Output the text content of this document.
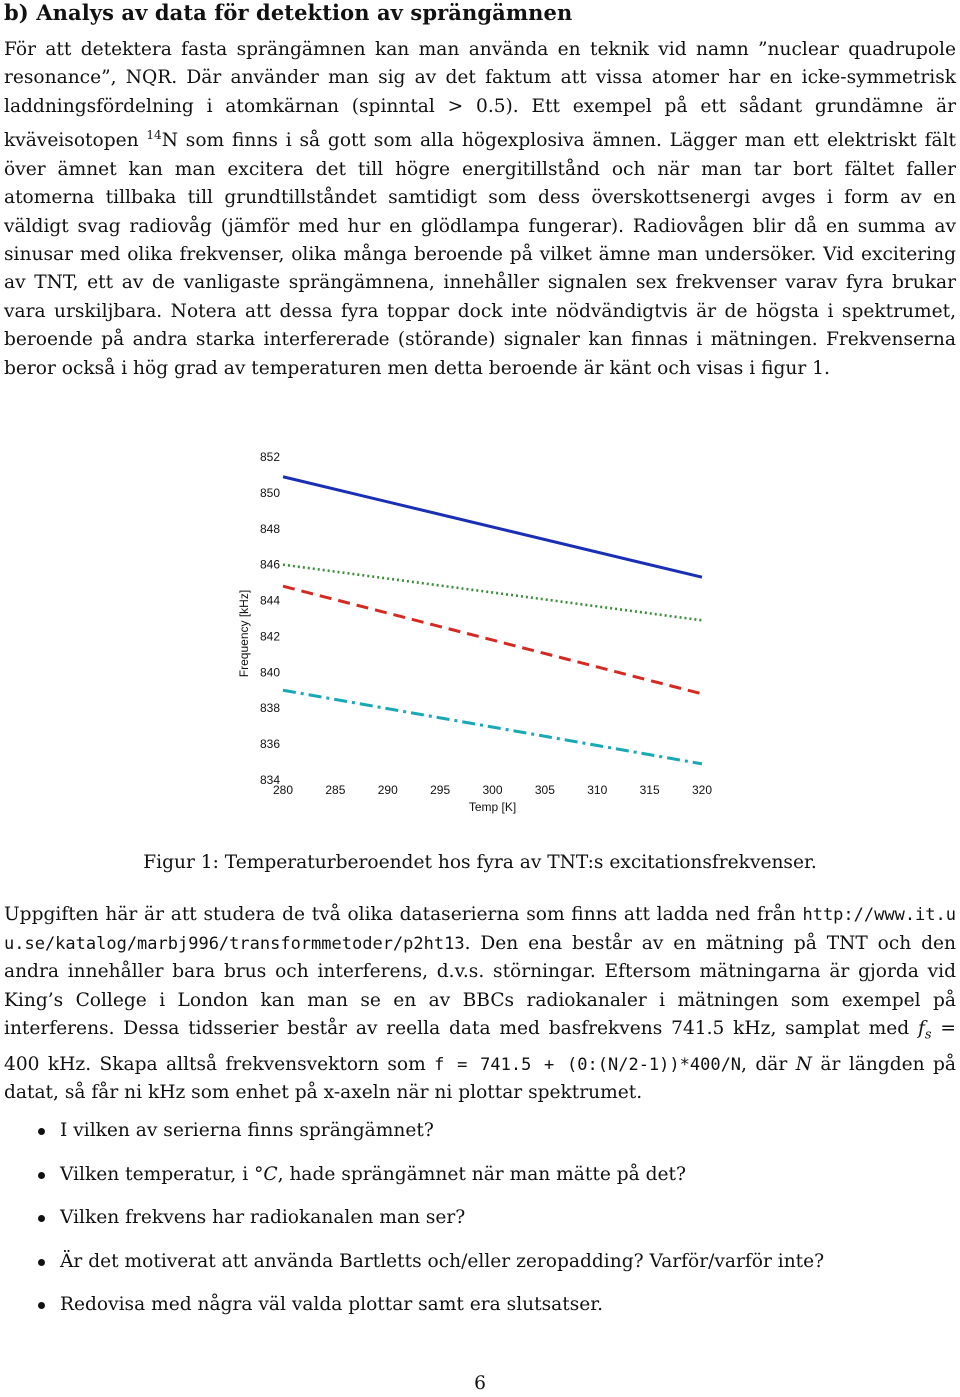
b) Analys av data för detektion av sprängämnen

För att detektera fasta sprängämnen kan man använda en teknik vid namn ”nuclear quadrupole resonance”, NQR. Där använder man sig av det faktum att vissa atomer har en icke-symmetrisk laddningsfördelning i atomkärnan (spinntal > 0.5). Ett exempel på ett sådant grundämne är kväveisotopen $^{14}$N som finns i så gott som alla högexplosiva ämnen. Lägger man ett elektriskt fält över ämnet kan man excitera det till högre energitillstånd och när man tar bort fältet faller atomerna tillbaka till grundtillståndet samtidigt som dess överskottsenergi avges i form av en väldigt svag radiovåg (jämför med hur en glödlampa fungerar). Radiovågen blir då en summa av sinusar med olika frekvenser, olika många beroende på vilket ämne man undersöker. Vid excitering av TNT, ett av de vanligaste sprängämnena, innehåller signalen sex frekvenser varav fyra brukar vara urskiljbara. Notera att dessa fyra toppar dock inte nödvändigtvis är de högsta i spektrumet, beroende på andra starka interfererade (störande) signaler kan finnas i mätningen. Frekvenserna beror också i hög grad av temperaturen men detta beroende är känt och visas i figur 1.

834
836
838
840
842
844
846
848
850
852
280	285	290	295	300	305	310	315	320
Temp [K]
Frequency [kHz]
Figur 1: Temperaturberoendet hos fyra av TNT:s excitationsfrekvenser.
Uppgiften här är att studera de två olika dataserierna som finns att ladda ned från http://www.it.uu.se/katalog/marbj996/transformmetoder/p2ht13. Den ena består av en mätning på TNT och den andra innehåller bara brus och interferens, d.v.s. störningar. Eftersom mätningarna är gjorda vid King’s College i London kan man se en av BBCs radiokanaler i mätningen som exempel på interferens. Dessa tidsserier består av reella data med basfrekvens 741.5 kHz, samplat med $f_s = 400$ kHz. Skapa alltså frekvensvektorn som f = 741.5 + (0:(N/2-1))*400/N, där N är längden på datat, så får ni kHz som enhet på x-axeln när ni plottar spektrumet.
I vilken av serierna finns sprängämnet?
Vilken temperatur, i °C, hade sprängämnet när man mätte på det?
Vilken frekvens har radiokanalen man ser?
Är det motiverat att använda Bartletts och/eller zeropadding? Varför/varför inte?
Redovisa med några väl valda plottar samt era slutsatser.
6
